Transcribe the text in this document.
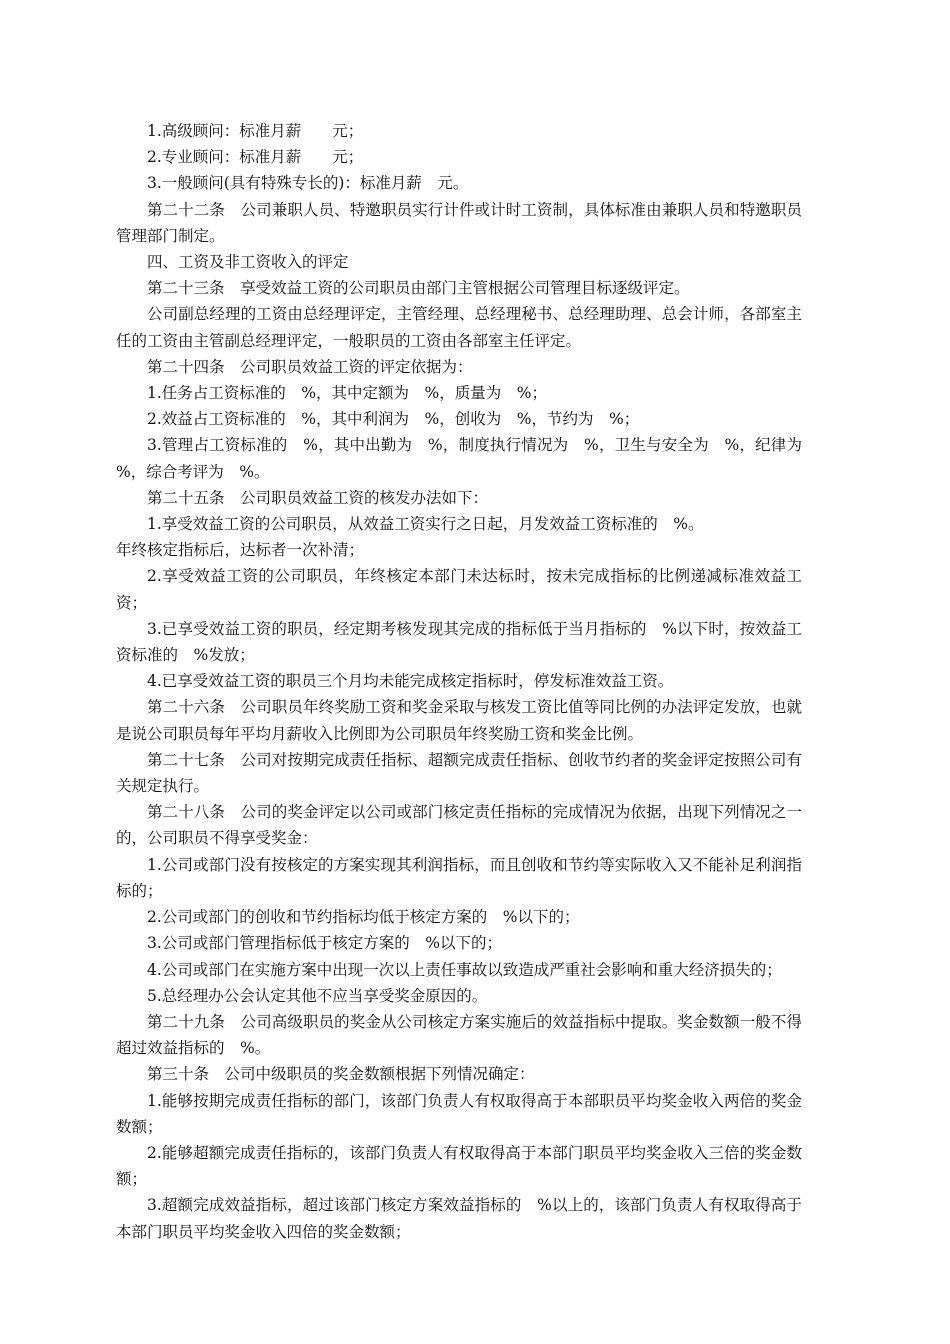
1.高级顾问：标准月薪　　元；

2.专业顾问：标准月薪　　元；

3.一般顾问(具有特殊专长的)：标准月薪　元。

第二十二条　公司兼职人员、特邀职员实行计件或计时工资制，具体标准由兼职人员和特邀职员管理部门制定。

四、工资及非工资收入的评定

第二十三条　享受效益工资的公司职员由部门主管根据公司管理目标逐级评定。

公司副总经理的工资由总经理评定，主管经理、总经理秘书、总经理助理、总会计师，各部室主任的工资由主管副总经理评定，一般职员的工资由各部室主任评定。

第二十四条　公司职员效益工资的评定依据为：

1.任务占工资标准的　%，其中定额为　%，质量为　%；

2.效益占工资标准的　%，其中利润为　%，创收为　%，节约为　%；

3.管理占工资标准的　%，其中出勤为　%，制度执行情况为　%，卫生与安全为　%，纪律为　%，综合考评为　%。

第二十五条　公司职员效益工资的核发办法如下：

1.享受效益工资的公司职员，从效益工资实行之日起，月发效益工资标准的　%。

年终核定指标后，达标者一次补清；

2.享受效益工资的公司职员，年终核定本部门未达标时，按未完成指标的比例递减标准效益工资；

3.已享受效益工资的职员，经定期考核发现其完成的指标低于当月指标的　%以下时，按效益工资标准的　%发放；

4.已享受效益工资的职员三个月均未能完成核定指标时，停发标准效益工资。

第二十六条　公司职员年终奖励工资和奖金采取与核发工资比值等同比例的办法评定发放，也就是说公司职员每年平均月薪收入比例即为公司职员年终奖励工资和奖金比例。

第二十七条　公司对按期完成责任指标、超额完成责任指标、创收节约者的奖金评定按照公司有关规定执行。

第二十八条　公司的奖金评定以公司或部门核定责任指标的完成情况为依据，出现下列情况之一的，公司职员不得享受奖金：

1.公司或部门没有按核定的方案实现其利润指标，而且创收和节约等实际收入又不能补足利润指标的；

2.公司或部门的创收和节约指标均低于核定方案的　%以下的；

3.公司或部门管理指标低于核定方案的　%以下的；

4.公司或部门在实施方案中出现一次以上责任事故以致造成严重社会影响和重大经济损失的；

5.总经理办公会认定其他不应当享受奖金原因的。

第二十九条　公司高级职员的奖金从公司核定方案实施后的效益指标中提取。奖金数额一般不得超过效益指标的　%。

第三十条　公司中级职员的奖金数额根据下列情况确定：

1.能够按期完成责任指标的部门，该部门负责人有权取得高于本部职员平均奖金收入两倍的奖金数额；

2.能够超额完成责任指标的，该部门负责人有权取得高于本部门职员平均奖金收入三倍的奖金数额；

3.超额完成效益指标，超过该部门核定方案效益指标的　%以上的，该部门负责人有权取得高于本部门职员平均奖金收入四倍的奖金数额；
